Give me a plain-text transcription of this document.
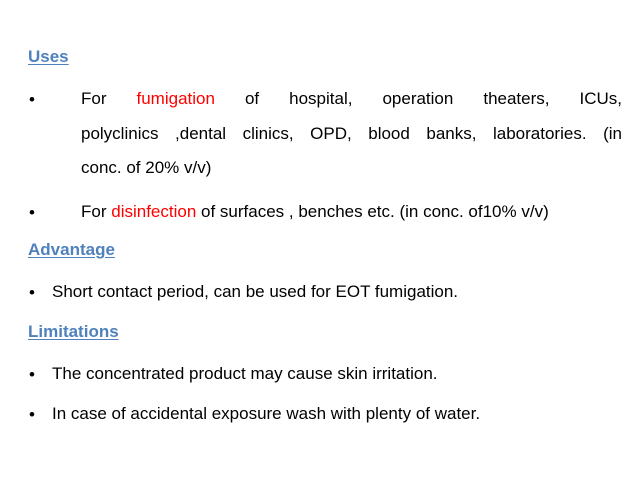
Uses
•	For fumigation of hospital, operation theaters, ICUs,
polyclinics ,dental clinics, OPD, blood banks, laboratories. (in
conc. of 20% v/v)
•	For disinfection of surfaces , benches etc. (in conc. of10% v/v)
Advantage
• Short contact period, can be used for EOT fumigation.
Limitations
• The concentrated product may cause skin irritation.
• In case of accidental exposure wash with plenty of water.
